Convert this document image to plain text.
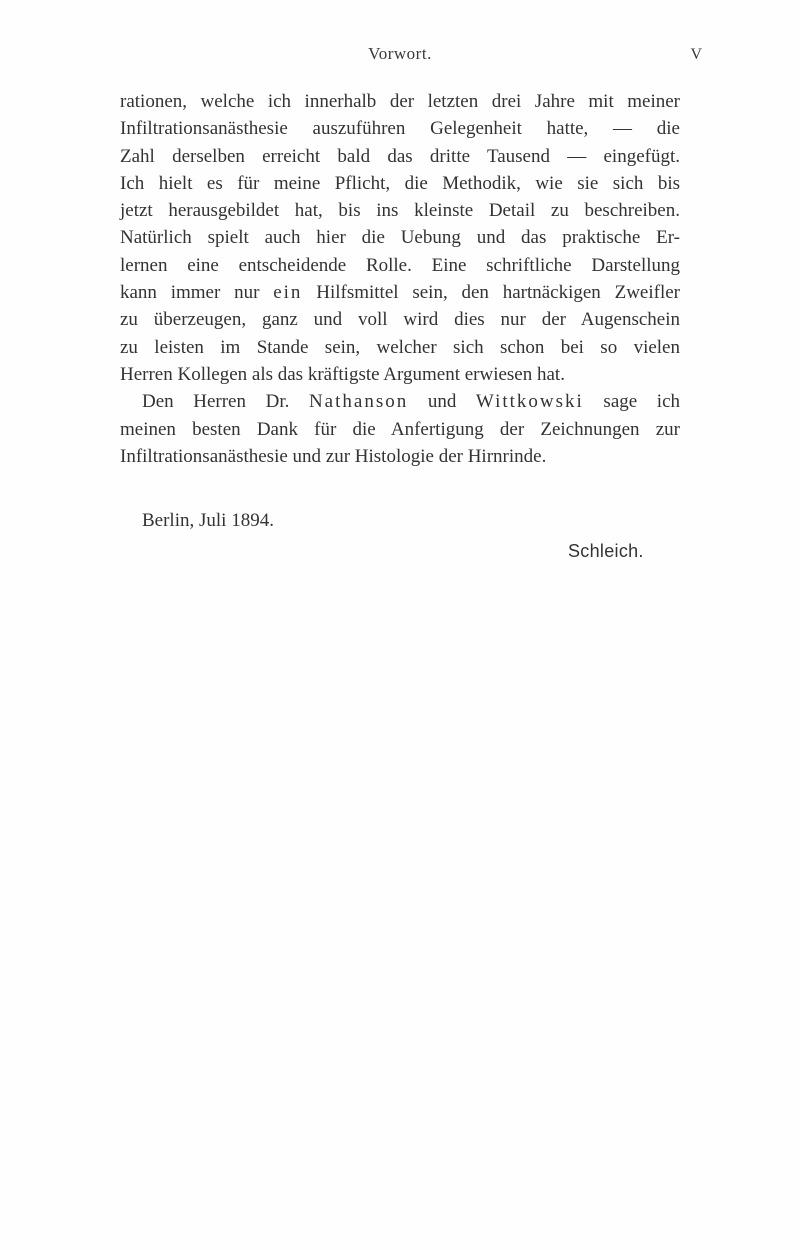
Vorwort.	V
rationen, welche ich innerhalb der letzten drei Jahre mit meiner
Infiltrationsanästhesie auszuführen Gelegenheit hatte, — die
Zahl derselben erreicht bald das dritte Tausend — eingefügt.
Ich hielt es für meine Pflicht, die Methodik, wie sie sich bis
jetzt herausgebildet hat, bis ins kleinste Detail zu beschreiben.
Natürlich spielt auch hier die Uebung und das praktische Er-
lernen eine entscheidende Rolle. Eine schriftliche Darstellung
kann immer nur ein Hilfsmittel sein, den hartnäckigen Zweifler
zu überzeugen, ganz und voll wird dies nur der Augenschein
zu leisten im Stande sein, welcher sich schon bei so vielen
Herren Kollegen als das kräftigste Argument erwiesen hat.
Den Herren Dr. Nathanson und Wittkowski sage ich
meinen besten Dank für die Anfertigung der Zeichnungen zur
Infiltrationsanästhesie und zur Histologie der Hirnrinde.
Berlin, Juli 1894.
Schleich.
